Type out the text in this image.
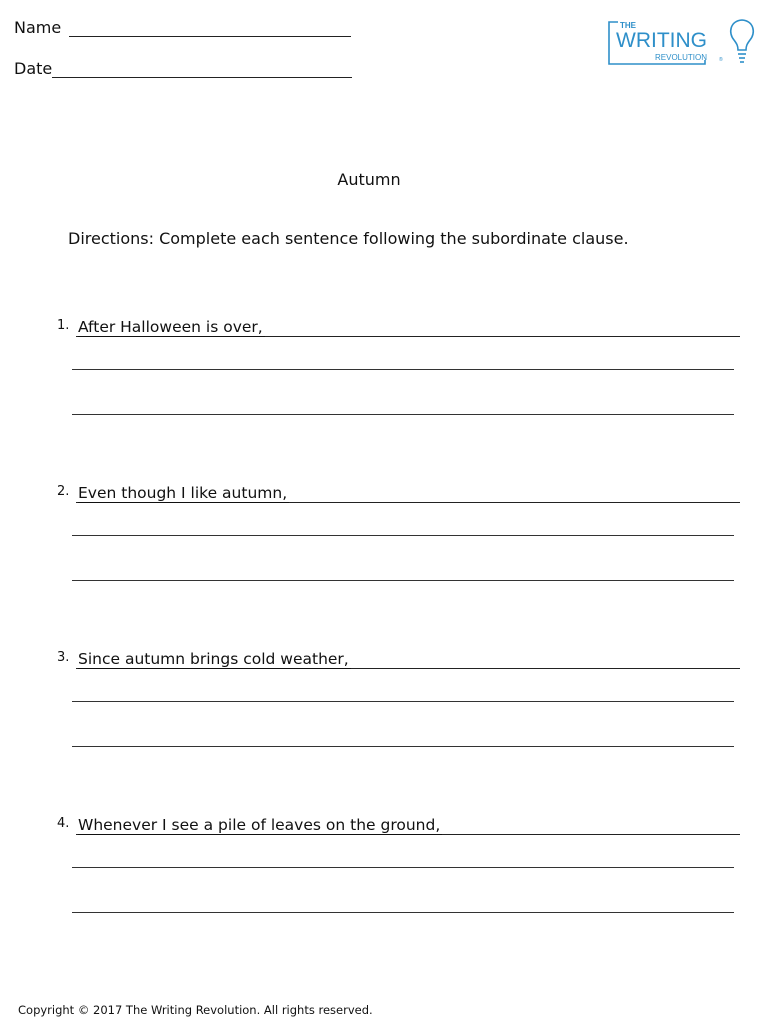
Name
Date
THE
WRITING
REVOLUTION ®
Autumn
Directions: Complete each sentence following the subordinate clause.
1. After Halloween is over,
2. Even though I like autumn,
3. Since autumn brings cold weather,
4. Whenever I see a pile of leaves on the ground,
Copyright © 2017 The Writing Revolution. All rights reserved.
